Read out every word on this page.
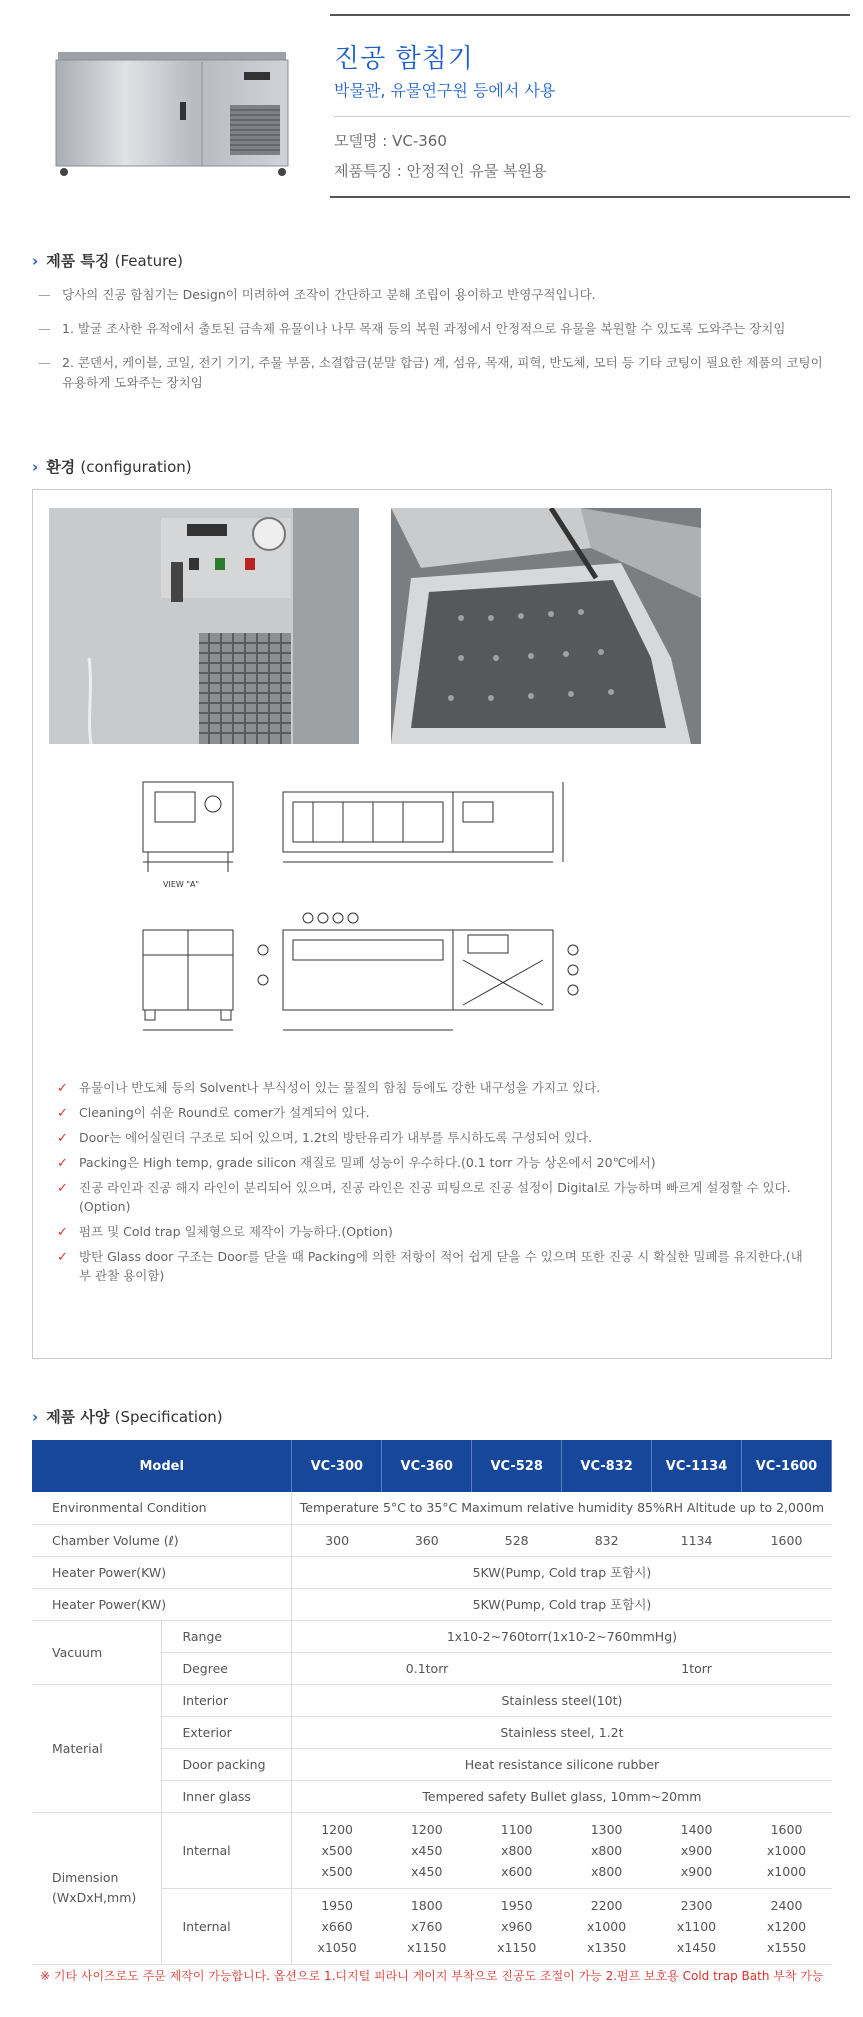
진공 함침기
박물관, 유물연구원 등에서 사용
모델명 : VC-360
제품특징 : 안정적인 유물 복원용
› 제품 특징 (Feature)
— 당사의 진공 함침기는 Design이 미려하여 조작이 간단하고 분해 조립이 용이하고 반영구적입니다.
— 1. 발굴 조사한 유적에서 출토된 금속제 유물이나 나무 목재 등의 복원 과정에서 안정적으로 유물을 복원할 수 있도록 도와주는 장치임
— 2. 콘덴서, 케이블, 코일, 전기 기기, 주물 부품, 소결합금(분말 합금) 계, 섬유, 목재, 피혁, 반도체, 모터 등 기타 코팅이 필요한 제품의 코팅이 유용하게 도와주는 장치임
› 환경 (configuration)
VIEW "A"
✓ 유물이나 반도체 등의 Solvent나 부식성이 있는 물질의 함침 등에도 강한 내구성을 가지고 있다.
✓ Cleaning이 쉬운 Round로 comer가 설계되어 있다.
✓ Door는 에어실린더 구조로 되어 있으며, 1.2t의 방탄유리가 내부를 투시하도록 구성되어 있다.
✓ Packing은 High temp, grade silicon 재질로 밀폐 성능이 우수하다.(0.1 torr 가능 상온에서 20℃에서)
✓ 진공 라인과 진공 해지 라인이 분리되어 있으며, 진공 라인은 진공 피팅으로 진공 설정이 Digital로 가능하며 빠르게 설정할 수 있다.(Option)
✓ 펌프 및 Cold trap 일체형으로 제작이 가능하다.(Option)
✓ 방탄 Glass door 구조는 Door를 닫을 때 Packing에 의한 저항이 적어 쉽게 닫을 수 있으며 또한 진공 시 확실한 밀폐를 유지한다.(내부 관찰 용이함)
› 제품 사양 (Specification)
Model		VC-300	VC-360	VC-528	VC-832	VC-1134	VC-1600
Environmental Condition		Temperature 5°C to 35°C Maximum relative humidity 85%RH Altitude up to 2,000m					
Chamber Volume (ℓ)		300	360	528	832	1134	1600
Heater Power(KW)		5KW(Pump, Cold trap 포함시)					
Heater Power(KW)		5KW(Pump, Cold trap 포함시)					
Vacuum	Range	1x10-2~760torr(1x10-2~760mmHg)					
	Degree	0.1torr			1torr		
Material	Interior	Stainless steel(10t)					
	Exterior	Stainless steel, 1.2t					
	Door packing	Heat resistance silicone rubber					
	Inner glass	Tempered safety Bullet glass, 10mm~20mm					
Dimension
(WxDxH,mm)	Internal	1200
x500
x500	1200
x450
x450	1100
x800
x600	1300
x800
x800	1400
x900
x900	1600
x1000
x1000
	Internal	1950
x660
x1050	1800
x760
x1150	1950
x960
x1150	2200
x1000
x1350	2300
x1100
x1450	2400
x1200
x1550
※ 기타 사이즈로도 주문 제작이 가능합니다. 옵션으로 1.디지털 피라니 게이지 부착으로 진공도 조절이 가능 2.펌프 보호용 Cold trap Bath 부착 가능
